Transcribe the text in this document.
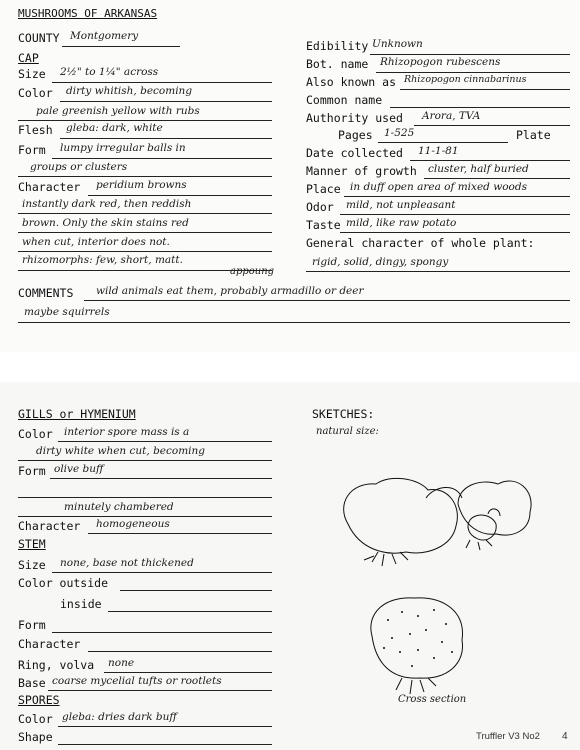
MUSHROOMS OF ARKANSAS
COUNTY Montgomery
CAP
Size 2½" to 1¼" across
Color dirty whitish, becoming
pale greenish yellow with rubs
Flesh gleba: dark, white
Form lumpy irregular balls in
groups or clusters
Character peridium browns
instantly dark red, then reddish
brown. Only the skin stains red
when cut, interior does not.
rhizomorphs: few, short, matt.
appoung
Edibility Unknown
Bot. name Rhizopogon rubescens
Also known as Rhizopogon cinnabarinus
Common name
Authority used Arora, TVA
Pages 1-525	Plate
Date collected 11-1-81
Manner of growth cluster, half buried
Place in duff open area of mixed woods
Odor mild, not unpleasant
Taste mild, like raw potato
General character of whole plant:
rigid, solid, dingy, spongy
COMMENTS wild animals eat them, probably armadillo or deer
maybe squirrels
GILLS or HYMENIUM
Color interior spore mass is a
dirty white when cut, becoming
Form olive buff
minutely chambered
Character homogeneous
STEM
Size none, base not thickened
Color outside
inside
Form
Character
Ring, volva none
Base coarse mycelial tufts or rootlets
SPORES
Color gleba: dries dark buff
Shape
SKETCHES:
natural size:
Cross section
Truffler V3 No2 4
